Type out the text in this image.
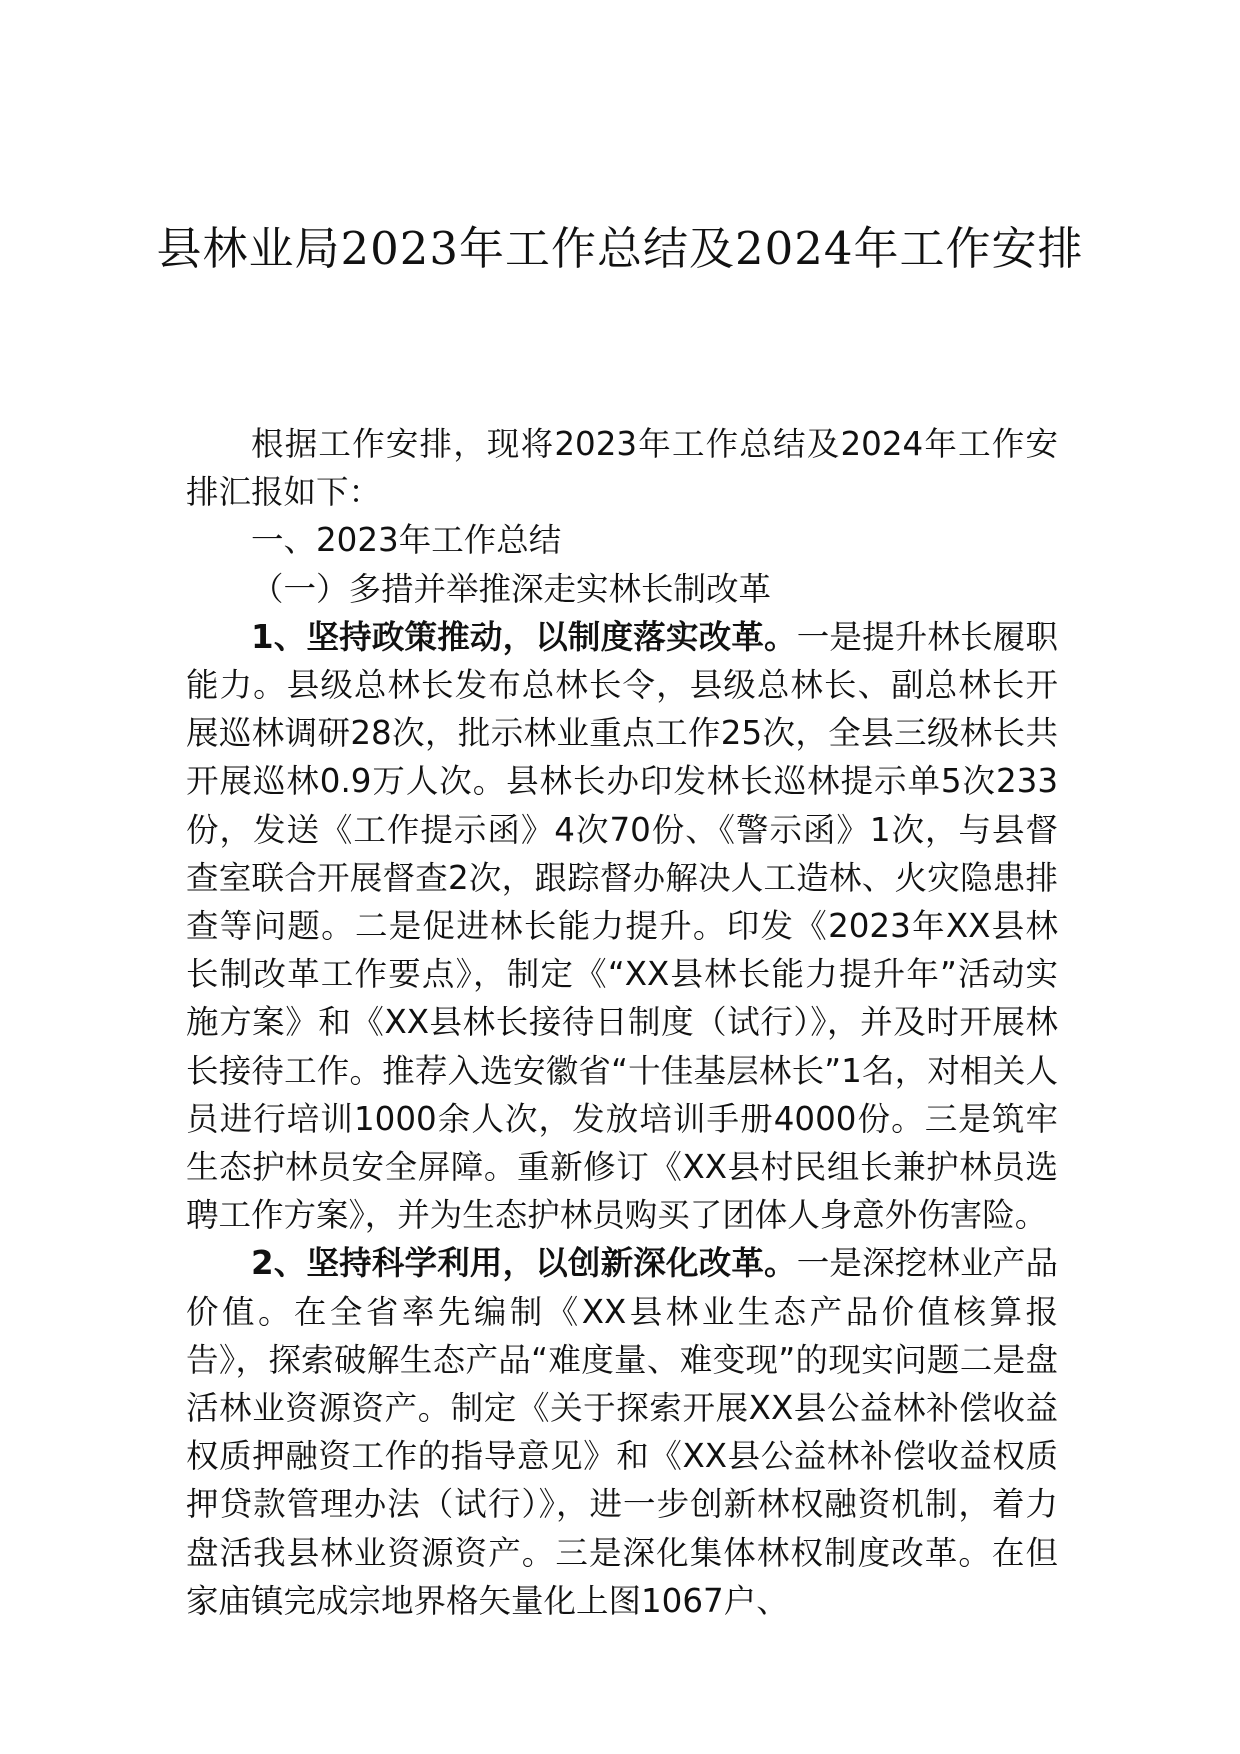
县林业局2023年工作总结及2024年工作安排

根据工作安排，现将2023年工作总结及2024年工作安排汇报如下：

一、2023年工作总结

（一）多措并举推深走实林长制改革

1、坚持政策推动，以制度落实改革。一是提升林长履职能力。县级总林长发布总林长令，县级总林长、副总林长开展巡林调研28次，批示林业重点工作25次，全县三级林长共开展巡林0.9万人次。县林长办印发林长巡林提示单5次233份，发送《工作提示函》4次70份、《警示函》1次，与县督查室联合开展督查2次，跟踪督办解决人工造林、火灾隐患排查等问题。二是促进林长能力提升。印发《2023年XX县林长制改革工作要点》，制定《“XX县林长能力提升年”活动实施方案》和《XX县林长接待日制度（试行）》，并及时开展林长接待工作。推荐入选安徽省“十佳基层林长”1名，对相关人员进行培训1000余人次，发放培训手册4000份。三是筑牢生态护林员安全屏障。重新修订《XX县村民组长兼护林员选聘工作方案》，并为生态护林员购买了团体人身意外伤害险。

2、坚持科学利用，以创新深化改革。一是深挖林业产品价值。在全省率先编制《XX县林业生态产品价值核算报告》，探索破解生态产品“难度量、难变现”的现实问题二是盘活林业资源资产。制定《关于探索开展XX县公益林补偿收益权质押融资工作的指导意见》和《XX县公益林补偿收益权质押贷款管理办法（试行）》，进一步创新林权融资机制，着力盘活我县林业资源资产。三是深化集体林权制度改革。在但家庙镇完成宗地界格矢量化上图1067户、
